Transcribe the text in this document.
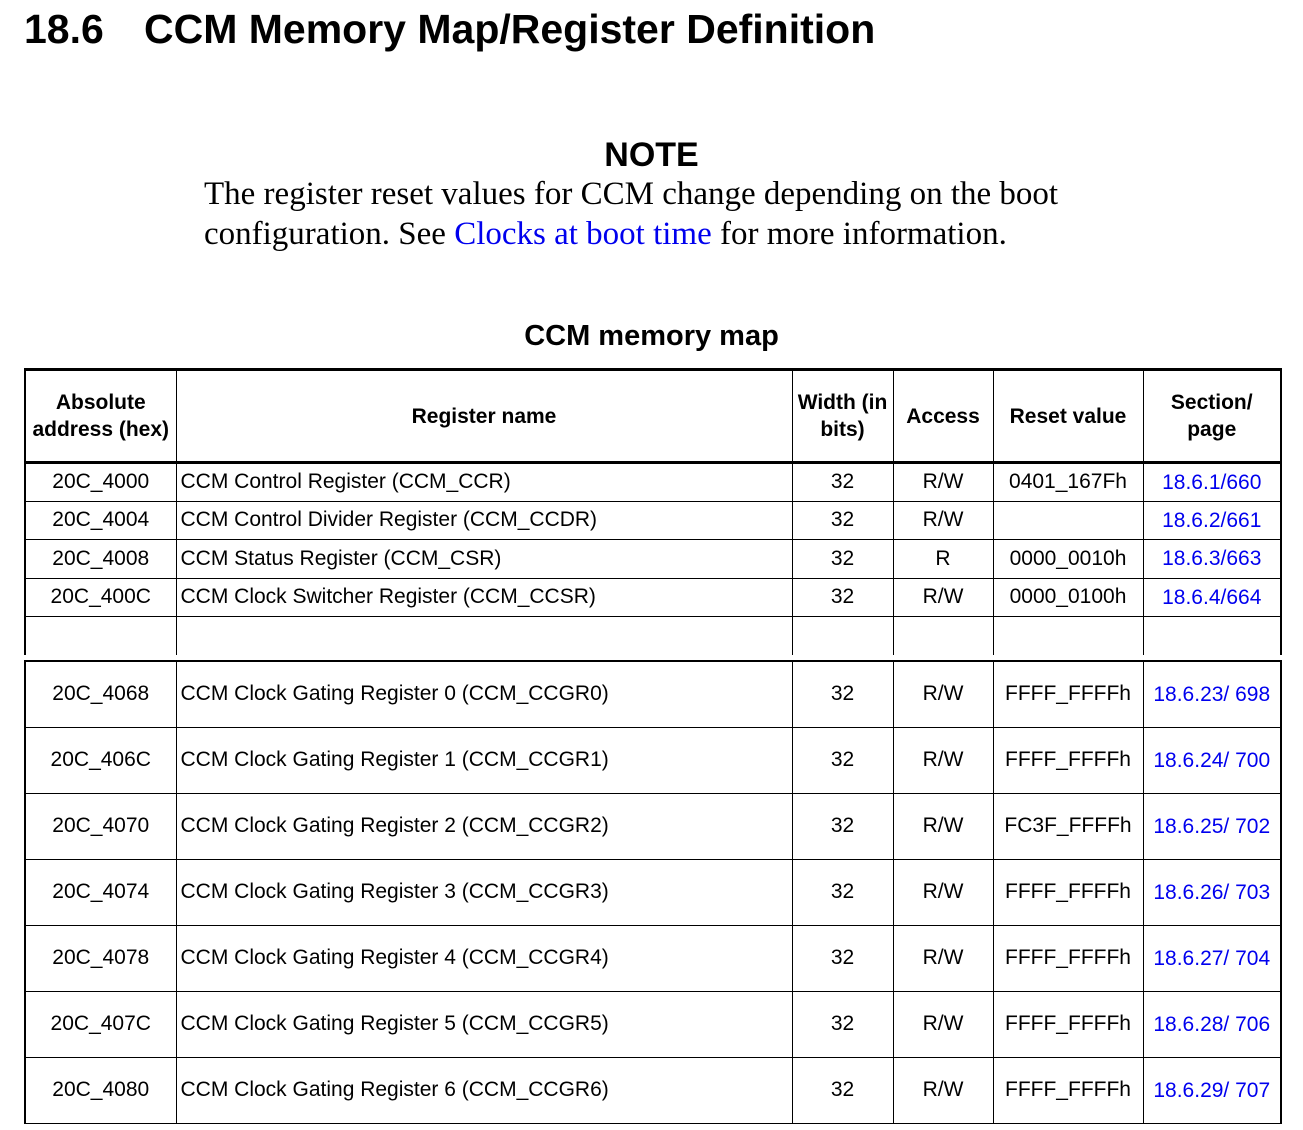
18.6 CCM Memory Map/Register Definition
NOTE
The register reset values for CCM change depending on the boot configuration. See Clocks at boot time for more information.
CCM memory map
Absolute address (hex)	Register name	Width (in bits)	Access	Reset value	Section/ page
20C_4000	CCM Control Register (CCM_CCR)	32	R/W	0401_167Fh	18.6.1/660
20C_4004	CCM Control Divider Register (CCM_CCDR)	32	R/W		18.6.2/661
20C_4008	CCM Status Register (CCM_CSR)	32	R	0000_0010h	18.6.3/663
20C_400C	CCM Clock Switcher Register (CCM_CCSR)	32	R/W	0000_0100h	18.6.4/664

20C_4068	CCM Clock Gating Register 0 (CCM_CCGR0)	32	R/W	FFFF_FFFFh	18.6.23/ 698
20C_406C	CCM Clock Gating Register 1 (CCM_CCGR1)	32	R/W	FFFF_FFFFh	18.6.24/ 700
20C_4070	CCM Clock Gating Register 2 (CCM_CCGR2)	32	R/W	FC3F_FFFFh	18.6.25/ 702
20C_4074	CCM Clock Gating Register 3 (CCM_CCGR3)	32	R/W	FFFF_FFFFh	18.6.26/ 703
20C_4078	CCM Clock Gating Register 4 (CCM_CCGR4)	32	R/W	FFFF_FFFFh	18.6.27/ 704
20C_407C	CCM Clock Gating Register 5 (CCM_CCGR5)	32	R/W	FFFF_FFFFh	18.6.28/ 706
20C_4080	CCM Clock Gating Register 6 (CCM_CCGR6)	32	R/W	FFFF_FFFFh	18.6.29/ 707
